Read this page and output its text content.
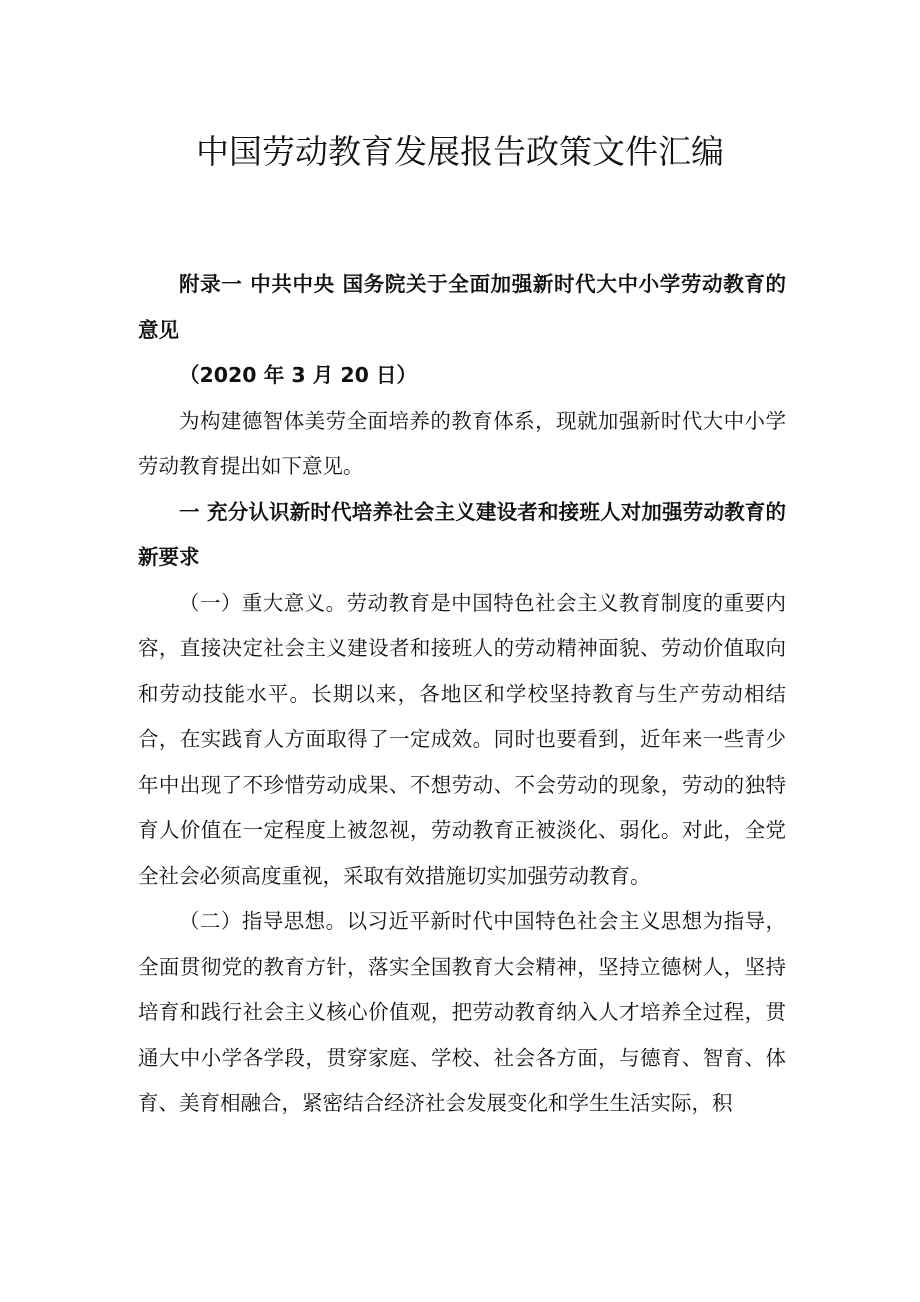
中国劳动教育发展报告政策文件汇编

附录一 中共中央 国务院关于全面加强新时代大中小学劳动教育的意见

（2020 年 3 月 20 日）

为构建德智体美劳全面培养的教育体系，现就加强新时代大中小学劳动教育提出如下意见。

一 充分认识新时代培养社会主义建设者和接班人对加强劳动教育的新要求

（一）重大意义。劳动教育是中国特色社会主义教育制度的重要内容，直接决定社会主义建设者和接班人的劳动精神面貌、劳动价值取向和劳动技能水平。长期以来，各地区和学校坚持教育与生产劳动相结合，在实践育人方面取得了一定成效。同时也要看到，近年来一些青少年中出现了不珍惜劳动成果、不想劳动、不会劳动的现象，劳动的独特育人价值在一定程度上被忽视，劳动教育正被淡化、弱化。对此，全党全社会必须高度重视，采取有效措施切实加强劳动教育。

（二）指导思想。以习近平新时代中国特色社会主义思想为指导，全面贯彻党的教育方针，落实全国教育大会精神，坚持立德树人，坚持培育和践行社会主义核心价值观，把劳动教育纳入人才培养全过程，贯通大中小学各学段，贯穿家庭、学校、社会各方面，与德育、智育、体育、美育相融合，紧密结合经济社会发展变化和学生生活实际，积
